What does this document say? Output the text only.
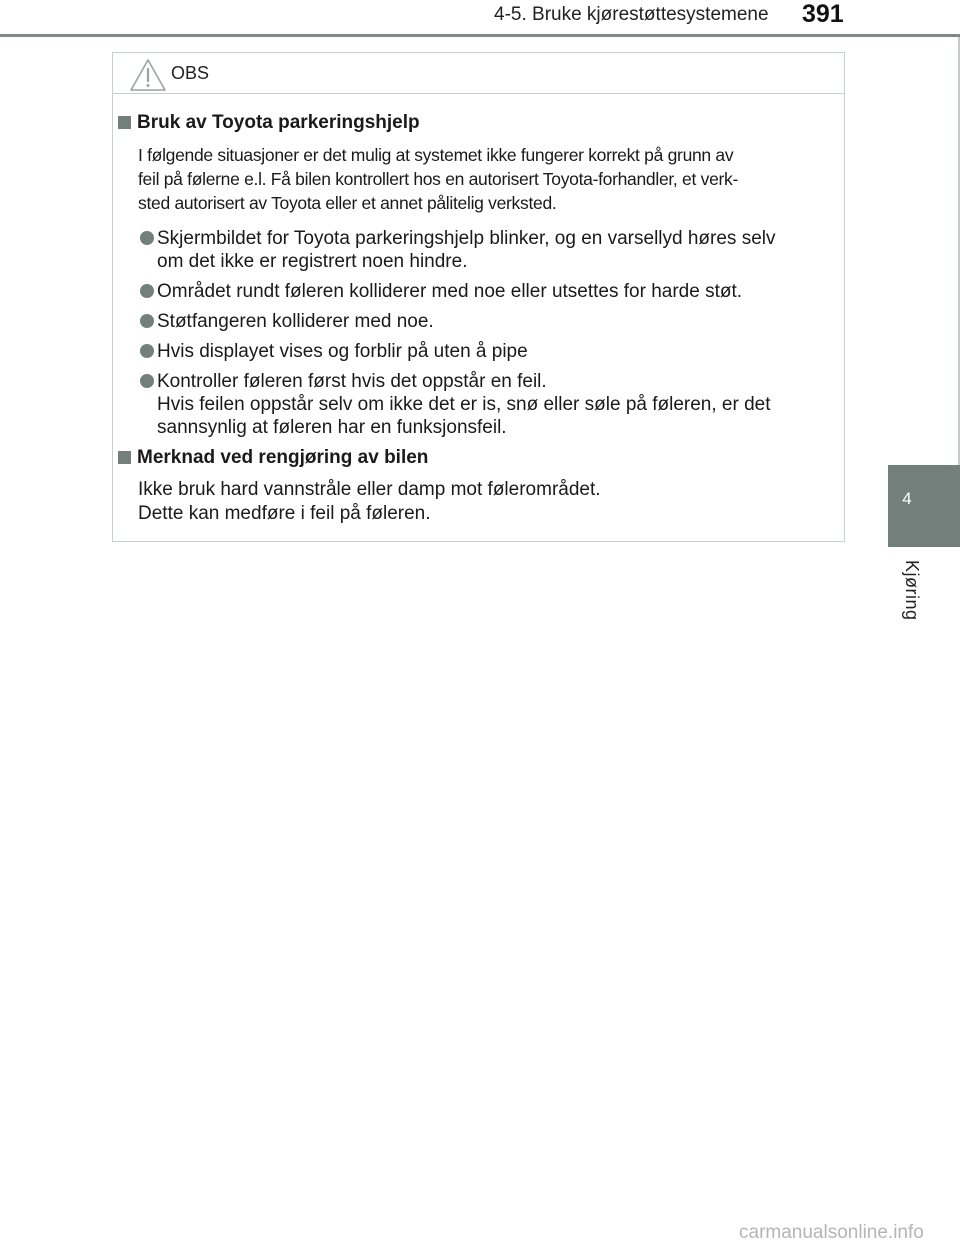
4-5. Bruke kjørestøttesystemene 391
4
Kjøring
OBS
Bruk av Toyota parkeringshjelp
I følgende situasjoner er det mulig at systemet ikke fungerer korrekt på grunn av
feil på følerne e.l. Få bilen kontrollert hos en autorisert Toyota-forhandler, et verk-
sted autorisert av Toyota eller et annet pålitelig verksted.
Skjermbildet for Toyota parkeringshjelp blinker, og en varsellyd høres selv
om det ikke er registrert noen hindre.
Området rundt føleren kolliderer med noe eller utsettes for harde støt.
Støtfangeren kolliderer med noe.
Hvis displayet vises og forblir på uten å pipe
Kontroller føleren først hvis det oppstår en feil.
Hvis feilen oppstår selv om ikke det er is, snø eller søle på føleren, er det
sannsynlig at føleren har en funksjonsfeil.
Merknad ved rengjøring av bilen
Ikke bruk hard vannstråle eller damp mot følerområdet.
Dette kan medføre i feil på føleren.
carmanualsonline.info
